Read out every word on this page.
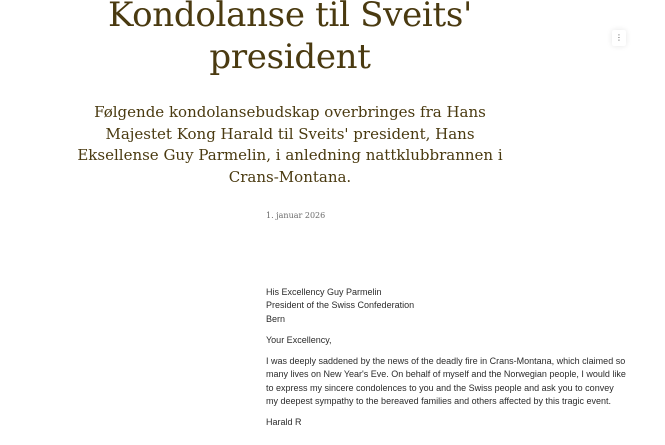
Kondolanse til Sveits' president

Følgende kondolansebudskap overbringes fra Hans Majestet Kong Harald til Sveits' president, Hans Eksellense Guy Parmelin, i anledning nattklubbrannen i Crans-Montana.

1. januar 2026

His Excellency Guy Parmelin
President of the Swiss Confederation
Bern

Your Excellency,

I was deeply saddened by the news of the deadly fire in Crans-Montana, which claimed so many lives on New Year's Eve. On behalf of myself and the Norwegian people, I would like to express my sincere condolences to you and the Swiss people and ask you to convey my deepest sympathy to the bereaved families and others affected by this tragic event.

Harald R

⋮
